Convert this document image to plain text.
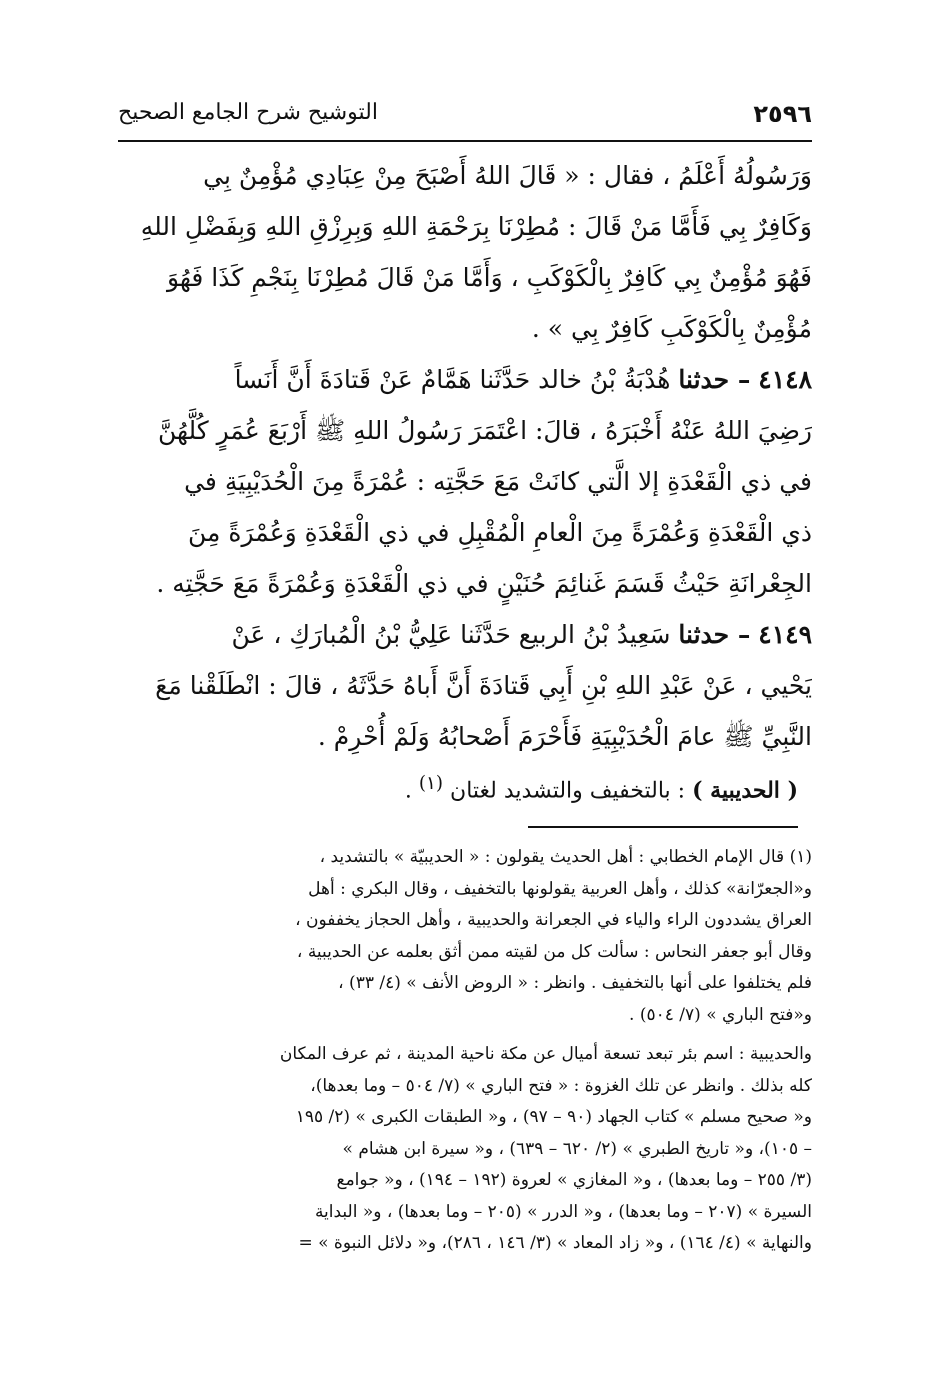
٢٥٩٦
التوشيح شرح الجامع الصحيح
وَرَسُولُهُ أَعْلَمُ ، فقال : « قَالَ اللهُ أَصْبَحَ مِنْ عِبَادِي مُؤْمِنٌ بِي
وَكَافِرٌ بِي فَأَمَّا مَنْ قَالَ : مُطِرْنَا بِرَحْمَةِ اللهِ وَبِرِزْقِ اللهِ وَبِفَضْلِ اللهِ
فَهُوَ مُؤْمِنٌ بِي كَافِرٌ بِالْكَوْكَبِ ، وَأَمَّا مَنْ قَالَ مُطِرْنَا بِنَجْمِ كَذَا فَهُوَ
مُؤْمِنٌ بِالْكَوْكَبِ كَافِرٌ بِي » .
٤١٤٨ – حدثنا هُدْبَةُ بْنُ خالد حَدَّثَنا هَمَّامٌ عَنْ قَتادَةَ أَنَّ أَنَساً
رَضِيَ اللهُ عَنْهُ أَخْبَرَهُ ، قالَ: اعْتَمَرَ رَسُولُ اللهِ ﷺ أَرْبَعَ عُمَرٍ كُلَّهُنَّ
في ذي الْقَعْدَةِ إلا الَّتي كانَتْ مَعَ حَجَّتِه : عُمْرَةً مِنَ الْحُدَيْبِيَةِ في
ذي الْقَعْدَةِ وَعُمْرَةً مِنَ الْعامِ الْمُقْبِلِ في ذي الْقَعْدَةِ وَعُمْرَةً مِنَ
الجِعْرانَةِ حَيْثُ قَسَمَ غَنائِمَ حُنَيْنٍ في ذي الْقَعْدَةِ وَعُمْرَةً مَعَ حَجَّتِه .
٤١٤٩ – حدثنا سَعِيدُ بْنُ الربيع حَدَّثَنا عَلِيُّ بْنُ الْمُبارَكِ ، عَنْ
يَحْيي ، عَنْ عَبْدِ اللهِ بْنِ أَبِي قَتادَةَ أَنَّ أَباهُ حَدَّثَهُ ، قالَ : انْطَلَقْنا مَعَ
النَّبِيِّ ﷺ عامَ الْحُدَيْبِيَةِ فَأَحْرَمَ أَصْحابُهُ وَلَمْ أُحْرِمْ .
( الحديبية ) : بالتخفيف والتشديد لغتان $^{(١)}$ .
(١) قال الإمام الخطابي : أهل الحديث يقولون : « الحديبيّة » بالتشديد ،
و«الجعرّانة» كذلك ، وأهل العربية يقولونها بالتخفيف ، وقال البكري : أهل
العراق يشددون الراء والياء في الجعرانة والحديبية ، وأهل الحجاز يخففون ،
وقال أبو جعفر النحاس : سألت كل من لقيته ممن أثق بعلمه عن الحديبية ،
فلم يختلفوا على أنها بالتخفيف . وانظر : « الروض الأنف » (٤/ ٣٣) ،
و«فتح الباري » (٧/ ٥٠٤) .
والحديبية : اسم بئر تبعد تسعة أميال عن مكة ناحية المدينة ، ثم عرف المكان
كله بذلك . وانظر عن تلك الغزوة : « فتح الباري » (٧/ ٥٠٤ – وما بعدها)،
و« صحيح مسلم » كتاب الجهاد (٩٠ – ٩٧) ، و« الطبقات الكبرى » (٢/ ١٩٥
– ١٠٥)، و« تاريخ الطبري » (٢/ ٦٢٠ – ٦٣٩) ، و« سيرة ابن هشام »
(٣/ ٢٥٥ – وما بعدها) ، و« المغازي » لعروة (١٩٢ – ١٩٤) ، و« جوامع
السيرة » (٢٠٧ – وما بعدها) ، و« الدرر » (٢٠٥ – وما بعدها) ، و« البداية
والنهاية » (٤/ ١٦٤) ، و« زاد المعاد » (٣/ ١٤٦ ، ٢٨٦)، و« دلائل النبوة » =
